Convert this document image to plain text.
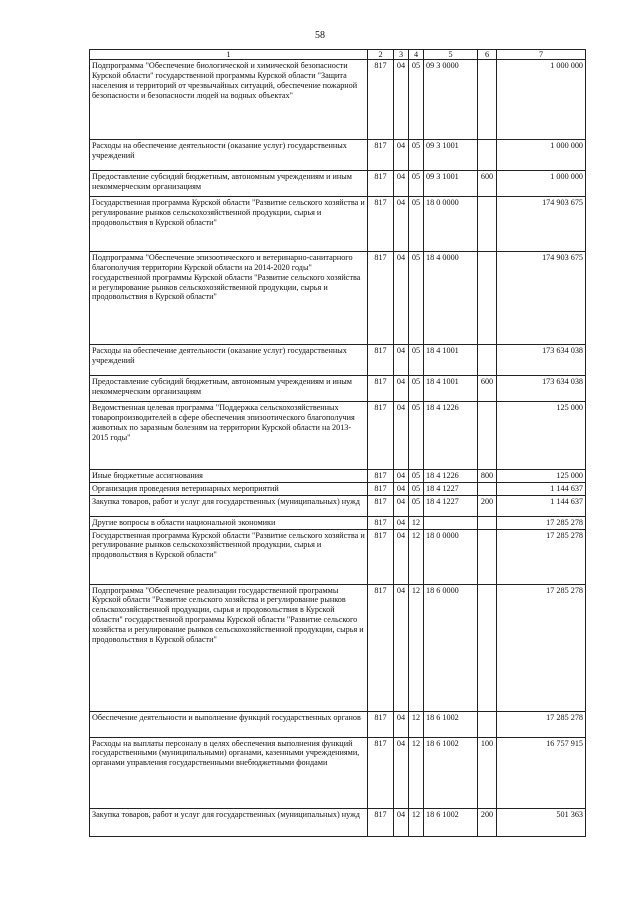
58
1	2	3	4	5	6	7
Подпрограмма "Обеспечение биологической и химической безопасности Курской области" государственной программы Курской области "Защита населения и территорий от чрезвычайных ситуаций, обеспечение пожарной безопасности и безопасности людей на водных объектах"	817	04	05	09 3 0000		1 000 000
Расходы на обеспечение деятельности (оказание услуг) государственных учреждений	817	04	05	09 3 1001		1 000 000
Предоставление субсидий бюджетным, автономным учреждениям и иным некоммерческим организациям	817	04	05	09 3 1001	600	1 000 000
Государственная программа Курской области "Развитие сельского хозяйства и регулирование рынков сельскохозяйственной продукции, сырья и продовольствия в Курской области"	817	04	05	18 0 0000		174 903 675
Подпрограмма "Обеспечение эпизоотического и ветеринарно-санитарного благополучия территории Курской области на 2014-2020 годы" государственной программы Курской области "Развитие сельского хозяйства и регулирование рынков сельскохозяйственной продукции, сырья и продовольствия в Курской области"	817	04	05	18 4 0000		174 903 675
Расходы на обеспечение деятельности (оказание услуг) государственных учреждений	817	04	05	18 4 1001		173 634 038
Предоставление субсидий бюджетным, автономным учреждениям и иным некоммерческим организациям	817	04	05	18 4 1001	600	173 634 038
Ведомственная целевая программа "Поддержка сельскохозяйственных товаропроизводителей в сфере обеспечения эпизоотического благополучия животных по заразным болезням на территории Курской области на 2013-2015 годы"	817	04	05	18 4 1226		125 000
Иные бюджетные ассигнования	817	04	05	18 4 1226	800	125 000
Организация проведения ветеринарных мероприятий	817	04	05	18 4 1227		1 144 637
Закупка товаров, работ и услуг для государственных (муниципальных) нужд	817	04	05	18 4 1227	200	1 144 637
Другие вопросы в области национальной экономики	817	04	12			17 285 278
Государственная программа Курской области "Развитие сельского хозяйства и регулирование рынков сельскохозяйственной продукции, сырья и продовольствия в Курской области"	817	04	12	18 0 0000		17 285 278
Подпрограмма "Обеспечение реализации государственной программы Курской области "Развитие сельского хозяйства и регулирование рынков сельскохозяйственной продукции, сырья и продовольствия в Курской области" государственной программы Курской области "Развитие сельского хозяйства и регулирование рынков сельскохозяйственной продукции, сырья и продовольствия в Курской области"	817	04	12	18 6 0000		17 285 278
Обеспечение деятельности и выполнение функций государственных органов	817	04	12	18 6 1002		17 285 278
Расходы на выплаты персоналу в целях обеспечения выполнения функций государственными (муниципальными) органами, казенными учреждениями, органами управления государственными внебюджетными фондами	817	04	12	18 6 1002	100	16 757 915
Закупка товаров, работ и услуг для государственных (муниципальных) нужд	817	04	12	18 6 1002	200	501 363
